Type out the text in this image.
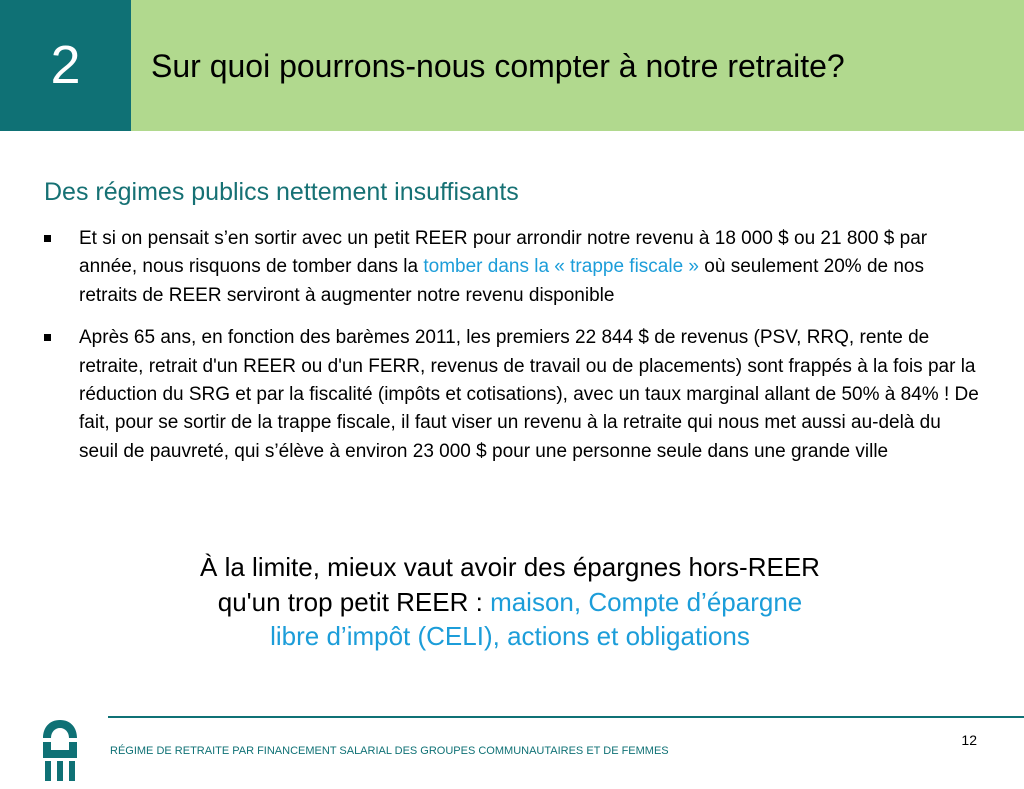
2	Sur quoi pourrons-nous compter à notre retraite?
Des régimes publics nettement insuffisants
Et si on pensait s’en sortir avec un petit REER pour arrondir notre revenu à 18 000 $ ou 21 800 $ par année, nous risquons de tomber dans la tomber dans la « trappe fiscale » où seulement 20% de nos retraits de REER serviront à augmenter notre revenu disponible
Après 65 ans, en fonction des barèmes 2011, les premiers 22 844 $ de revenus (PSV, RRQ, rente de retraite, retrait d'un REER ou d'un FERR, revenus de travail ou de placements) sont frappés à la fois par la réduction du SRG et par la fiscalité (impôts et cotisations), avec un taux marginal allant de 50% à 84% ! De fait, pour se sortir de la trappe fiscale, il faut viser un revenu à la retraite qui nous met aussi au-delà du seuil de pauvreté, qui s’élève à environ 23 000 $ pour une personne seule dans une grande ville
À la limite, mieux vaut avoir des épargnes hors-REER
qu'un trop petit REER : maison, Compte d’épargne
libre d’impôt (CELI), actions et obligations
RÉGIME DE RETRAITE PAR FINANCEMENT SALARIAL DES GROUPES COMMUNAUTAIRES ET DE FEMMES
12
